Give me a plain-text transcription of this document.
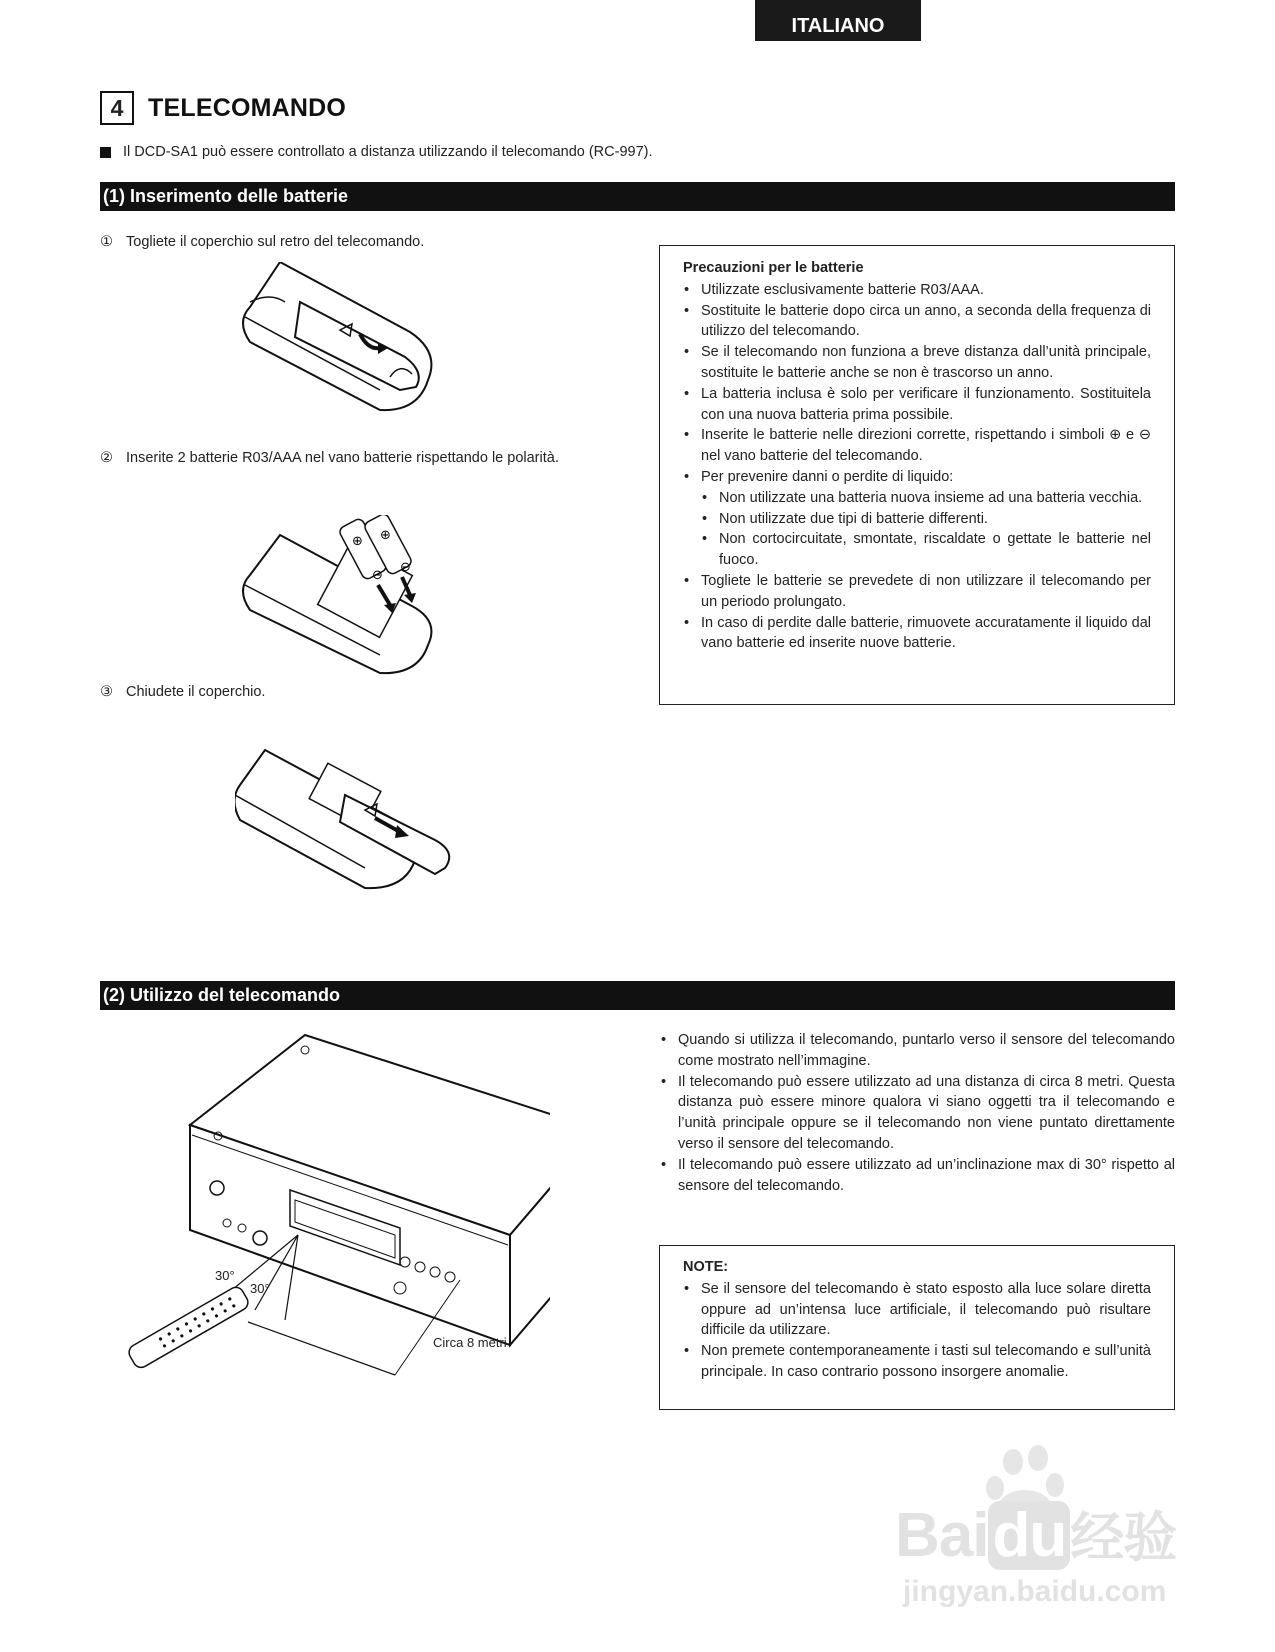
ITALIANO
4 TELECOMANDO
Il DCD-SA1 può essere controllato a distanza utilizzando il telecomando (RC-997).
(1) Inserimento delle batterie
① Togliete il coperchio sul retro del telecomando.
② Inserite 2 batterie R03/AAA nel vano batterie rispettando le polarità.
⊕ ⊕
⊖
⊖
③ Chiudete il coperchio.
Precauzioni per le batterie
• Utilizzate esclusivamente batterie R03/AAA.
• Sostituite le batterie dopo circa un anno, a seconda della frequenza di utilizzo del telecomando.
• Se il telecomando non funziona a breve distanza dall’unità principale, sostituite le batterie anche se non è trascorso un anno.
• La batteria inclusa è solo per verificare il funzionamento. Sostituitela con una nuova batteria prima possibile.
• Inserite le batterie nelle direzioni corrette, rispettando i simboli ⊕ e ⊖ nel vano batterie del telecomando.
• Per prevenire danni o perdite di liquido:
• Non utilizzate una batteria nuova insieme ad una batteria vecchia.
• Non utilizzate due tipi di batterie differenti.
• Non cortocircuitate, smontate, riscaldate o gettate le batterie nel fuoco.
• Togliete le batterie se prevedete di non utilizzare il telecomando per un periodo prolungato.
• In caso di perdite dalle batterie, rimuovete accuratamente il liquido dal vano batterie ed inserite nuove batterie.
(2) Utilizzo del telecomando
• Quando si utilizza il telecomando, puntarlo verso il sensore del telecomando come mostrato nell’immagine.
• Il telecomando può essere utilizzato ad una distanza di circa 8 metri. Questa distanza può essere minore qualora vi siano oggetti tra il telecomando e l’unità principale oppure se il telecomando non viene puntato direttamente verso il sensore del telecomando.
• Il telecomando può essere utilizzato ad un’inclinazione max di 30° rispetto al sensore del telecomando.
30°
30°
Circa 8 metri
NOTE:
• Se il sensore del telecomando è stato esposto alla luce solare diretta oppure ad un’intensa luce artificiale, il telecomando può risultare difficile da utilizzare.
• Non premete contemporaneamente i tasti sul telecomando e sull’unità principale. In caso contrario possono insorgere anomalie.
Baidu经验
jingyan.baidu.com
